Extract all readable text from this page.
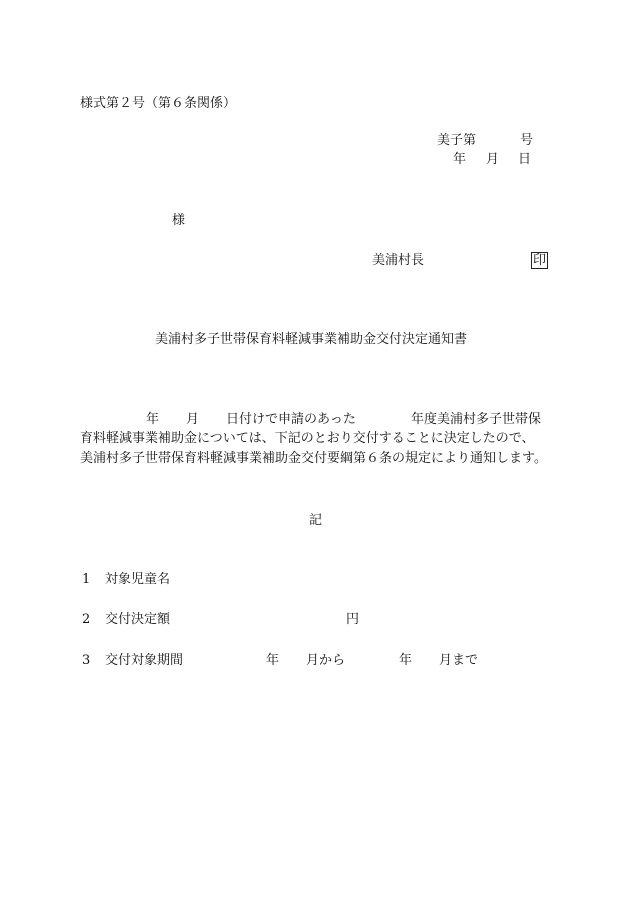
様式第２号（第６条関係）
美子第	号
年 月 日
様
美浦村長	印
美浦村多子世帯保育料軽減事業補助金交付決定通知書
年 月 日付けで申請のあった	年度美浦村多子世帯保
育料軽減事業補助金については、下記のとおり交付することに決定したので、
美浦村多子世帯保育料軽減事業補助金交付要綱第６条の規定により通知します。
記
1 対象児童名
2 交付決定額	円
3 交付対象期間	年 月から	年 月まで
